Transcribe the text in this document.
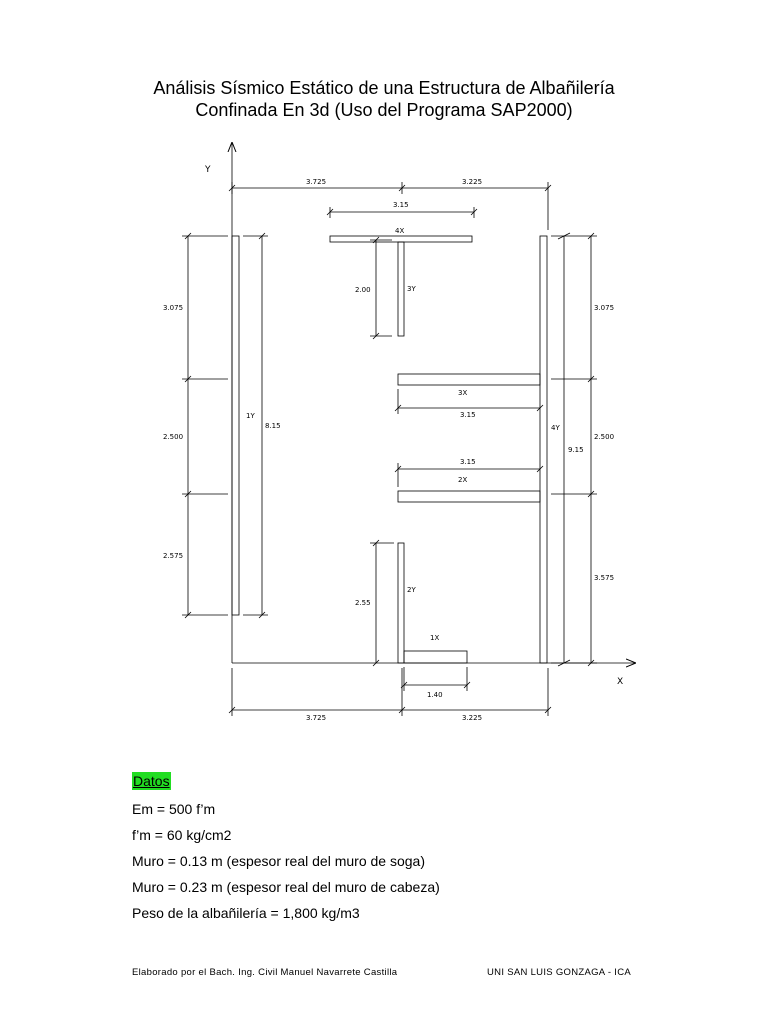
Análisis Sísmico Estático de una Estructura de Albañilería
Confinada En 3d (Uso del Programa SAP2000)
Y
X
3.725	3.225
3.15
2.00
3.075
2.500
2.575
8.15
3.075
2.500
3.575
9.15
3.15
3.15
2.55
1.40
3.725	3.225
1Y
2Y
3Y
4Y
1X
2X
3X
4X
Datos
Em = 500 f’m
f’m = 60 kg/cm2
Muro = 0.13 m (espesor real del muro de soga)
Muro = 0.23 m (espesor real del muro de cabeza)
Peso de la albañilería = 1,800 kg/m3
Elaborado por el Bach. Ing. Civil Manuel Navarrete Castilla	UNI SAN LUIS GONZAGA - ICA
